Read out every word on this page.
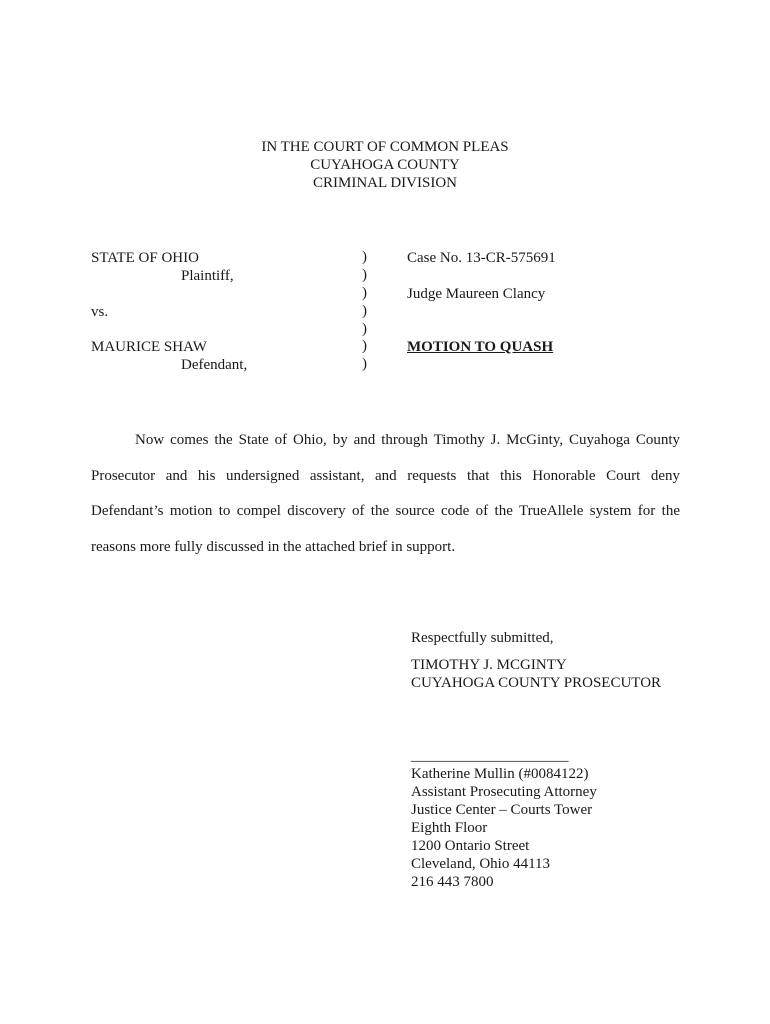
IN THE COURT OF COMMON PLEAS
CUYAHOGA COUNTY
CRIMINAL DIVISION
STATE OF OHIO
Plaintiff,
vs.
MAURICE SHAW
Defendant,
)
)
)
)
)
)
)
Case No. 13-CR-575691
Judge Maureen Clancy
MOTION TO QUASH
Now comes the State of Ohio, by and through Timothy J. McGinty, Cuyahoga County Prosecutor and his undersigned assistant, and requests that this Honorable Court deny Defendant’s motion to compel discovery of the source code of the TrueAllele system for the reasons more fully discussed in the attached brief in support.
Respectfully submitted,
TIMOTHY J. MCGINTY
CUYAHOGA COUNTY PROSECUTOR
_____________________
Katherine Mullin (#0084122)
Assistant Prosecuting Attorney
Justice Center – Courts Tower
Eighth Floor
1200 Ontario Street
Cleveland, Ohio 44113
216 443 7800
